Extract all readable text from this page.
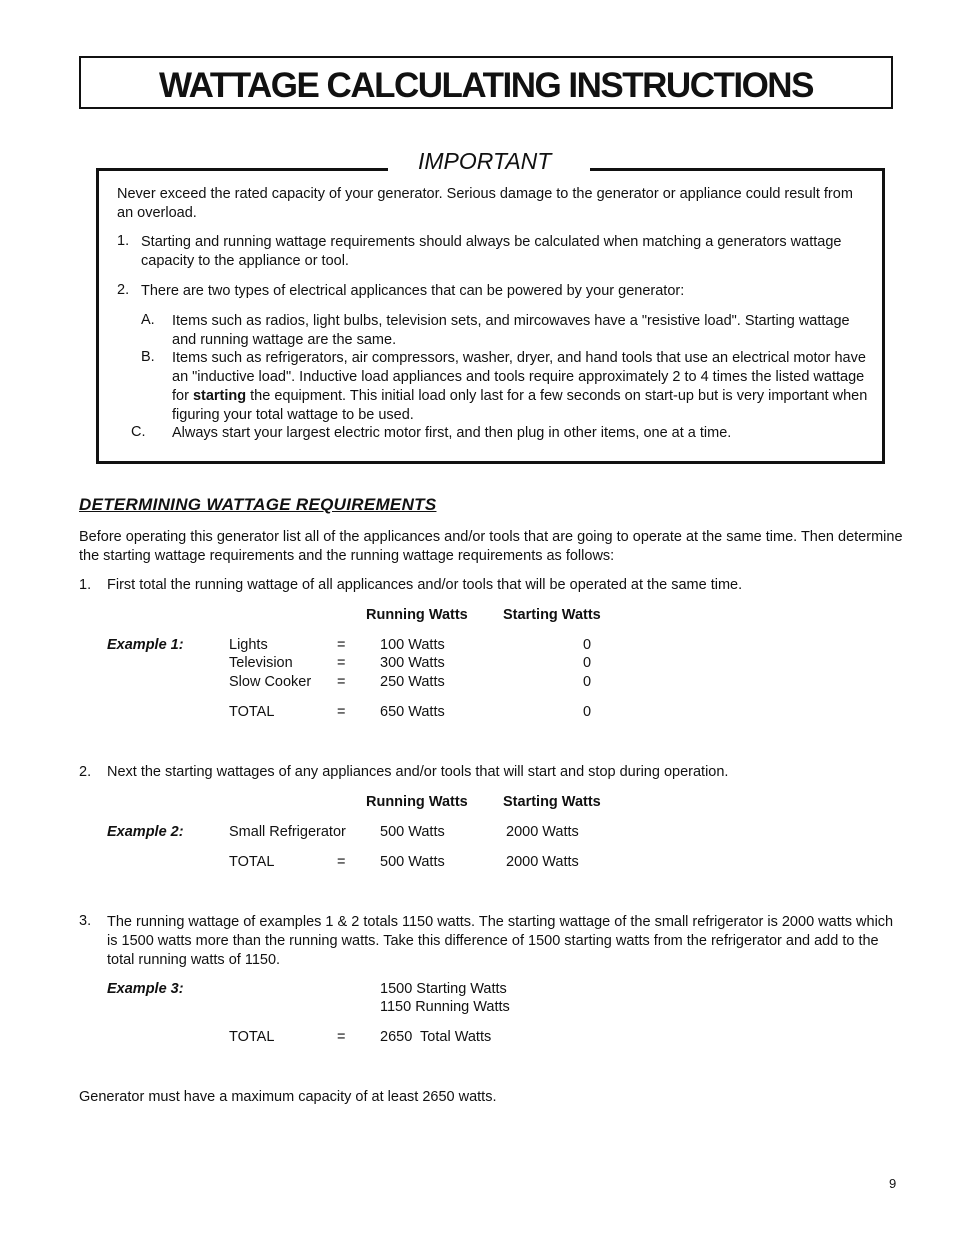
WATTAGE CALCULATING INSTRUCTIONS
IMPORTANT
Never exceed the rated capacity of your generator. Serious damage to the generator or appliance could result from an overload.
1. Starting and running wattage requirements should always be calculated when matching a generators wattage capacity to the appliance or tool.
2. There are two types of electrical applicances that can be powered by your generator:
A. Items such as radios, light bulbs, television sets, and mircowaves have a "resistive load". Starting wattage and running wattage are the same.
B. Items such as refrigerators, air compressors, washer, dryer, and hand tools that use an electrical motor have an "inductive load". Inductive load appliances and tools require approximately 2 to 4 times the listed wattage for starting the equipment. This initial load only last for a few seconds on start-up but is very important when figuring your total wattage to be used.
C. Always start your largest electric motor first, and then plug in other items, one at a time.
DETERMINING WATTAGE REQUIREMENTS
Before operating this generator list all of the applicances and/or tools that are going to operate at the same time. Then determine the starting wattage requirements and the running wattage requirements as follows:
1. First total the running wattage of all applicances and/or tools that will be operated at the same time.
Running Watts Starting Watts
Example 1:	Lights	= 100 Watts	0
Television	= 300 Watts	0
Slow Cooker = 250 Watts	0
TOTAL	= 650 Watts	0
2. Next the starting wattages of any appliances and/or tools that will start and stop during operation.
Running Watts Starting Watts
Example 2:	Small Refrigerator 500 Watts	2000 Watts
TOTAL	= 500 Watts	2000 Watts
3. The running wattage of examples 1 & 2 totals 1150 watts. The starting wattage of the small refrigerator is 2000 watts which is 1500 watts more than the running watts. Take this difference of 1500 starting watts from the refrigerator and add to the total running watts of 1150.
Example 3:	1500 Starting Watts
1150 Running Watts
TOTAL	= 2650  Total Watts
Generator must have a maximum capacity of at least 2650 watts.
9
